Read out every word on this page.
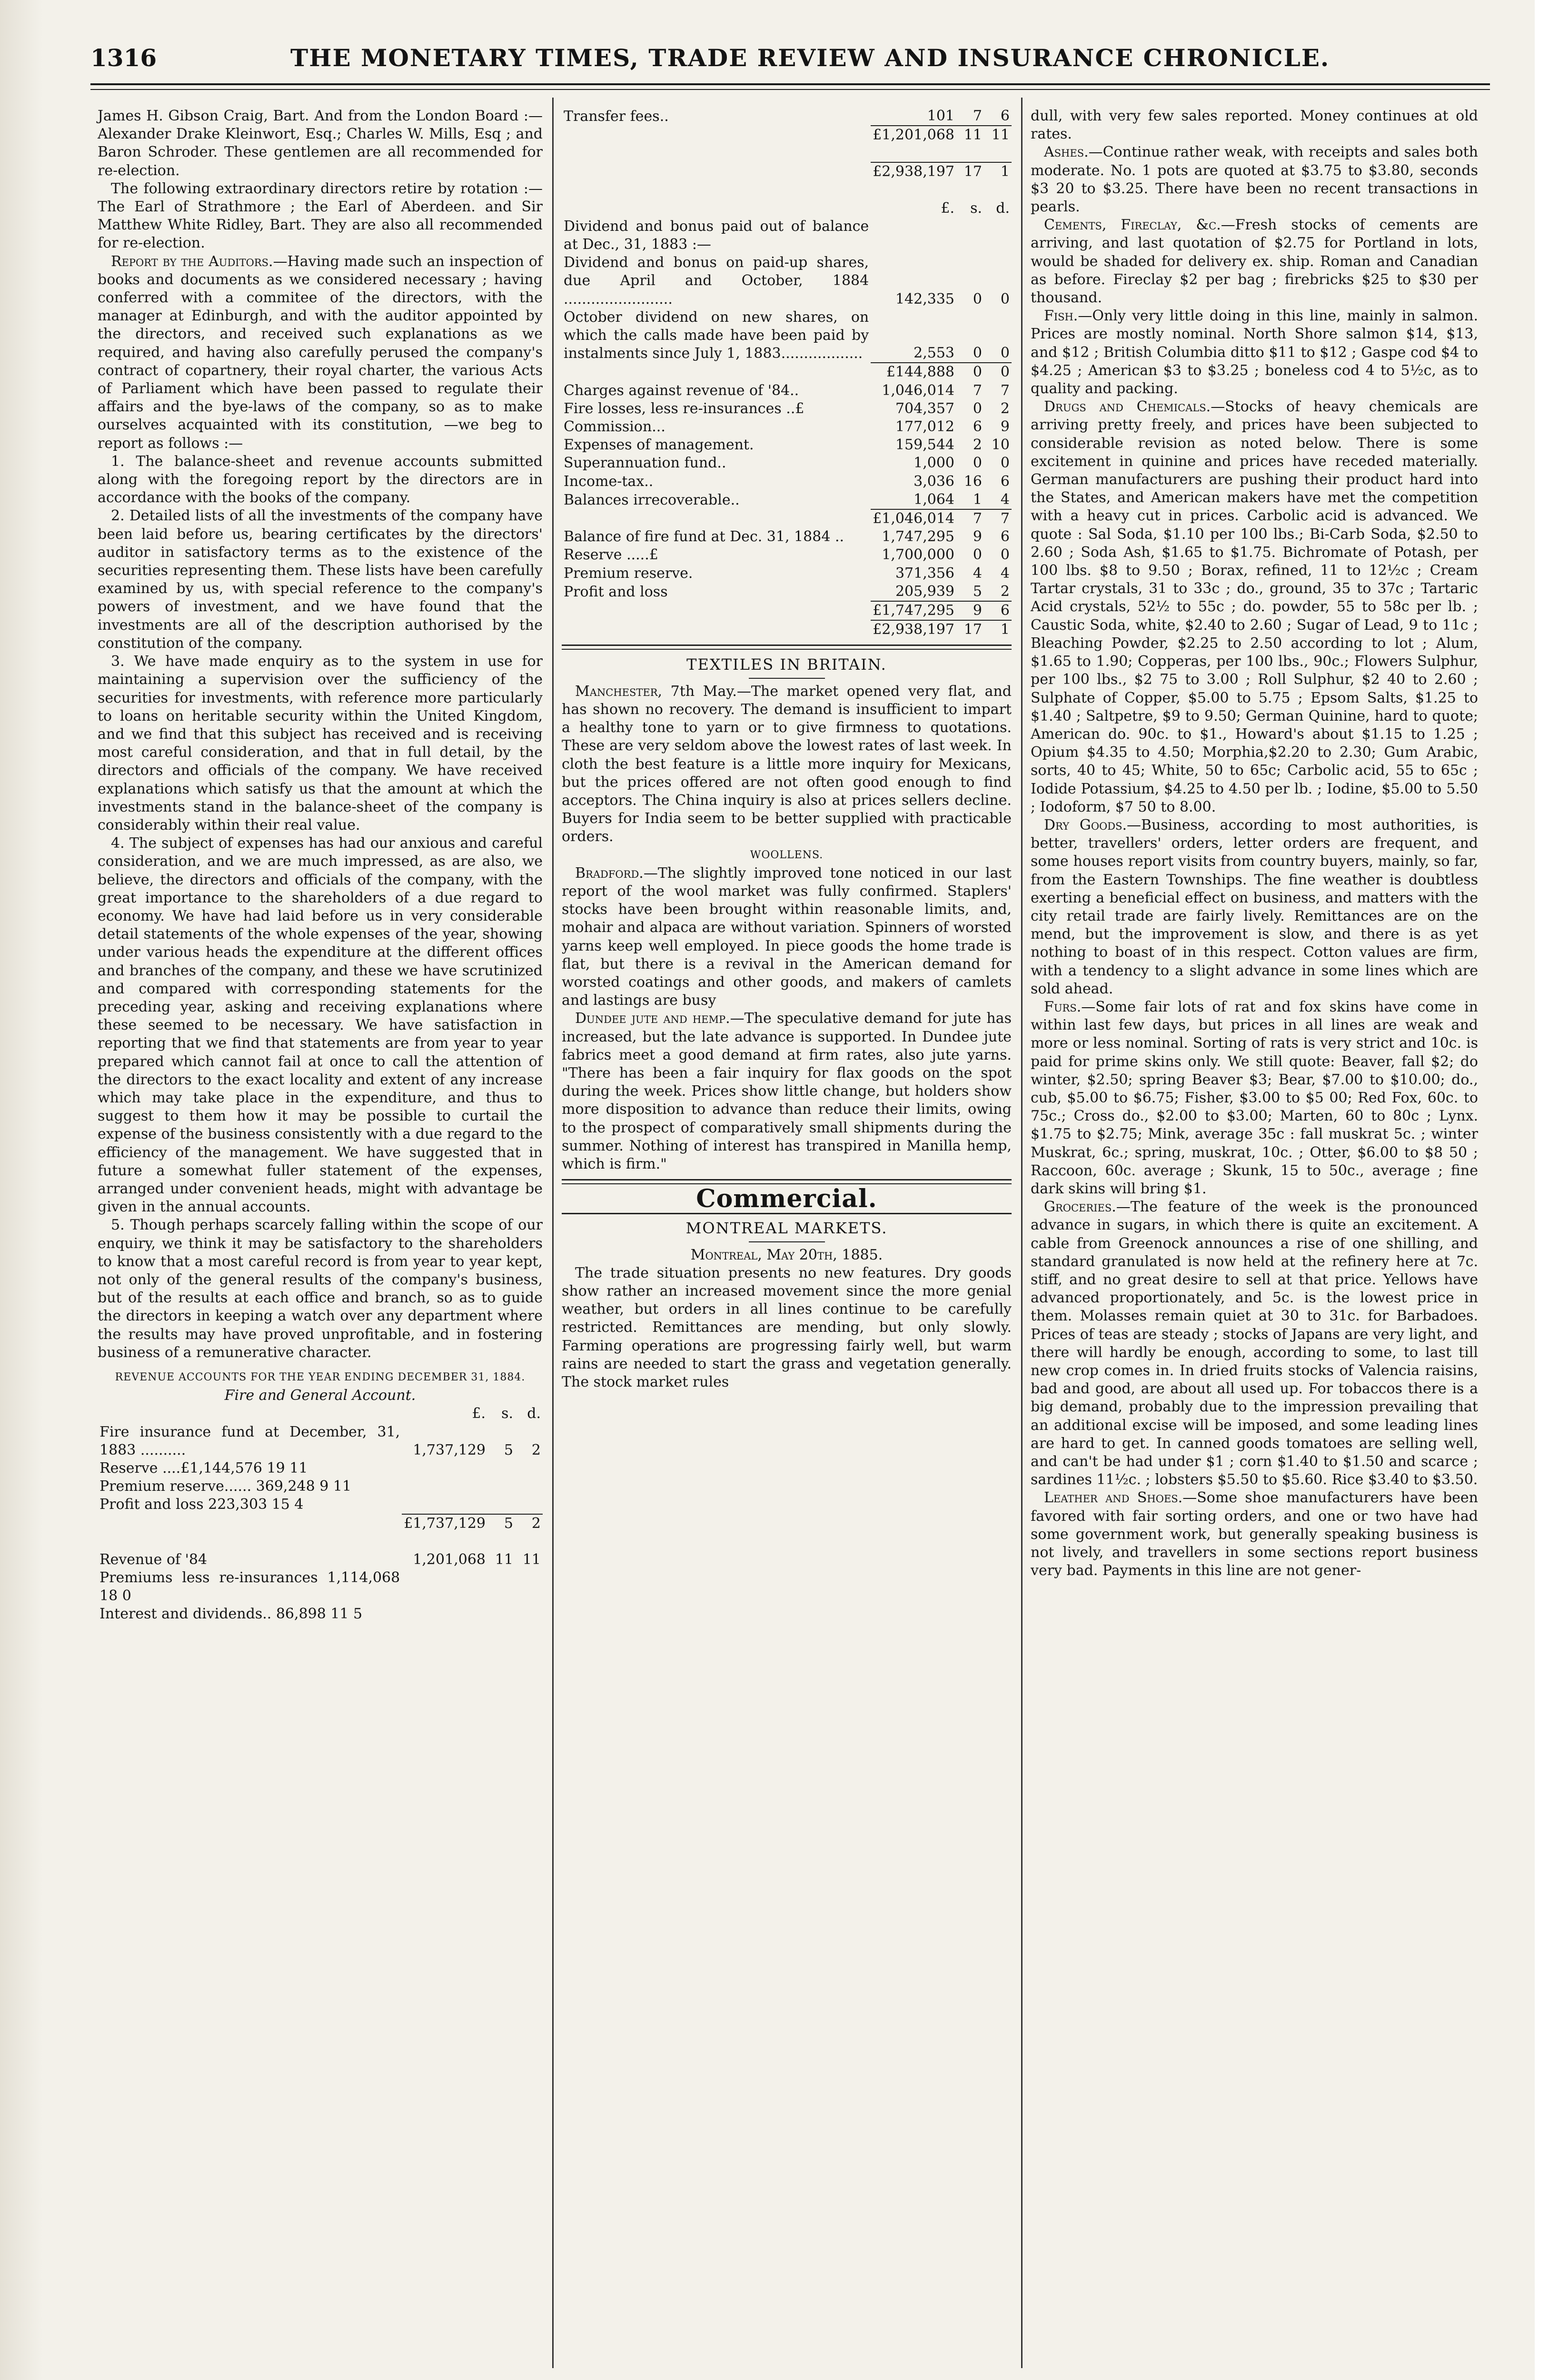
1316	THE MONETARY TIMES, TRADE REVIEW AND INSURANCE CHRONICLE.

James H. Gibson Craig, Bart. And from the London Board :—Alexander Drake Kleinwort, Esq.; Charles W. Mills, Esq ; and Baron Schroder. These gentlemen are all recommended for re-election.

The following extraordinary directors retire by rotation :—The Earl of Strathmore ; the Earl of Aberdeen. and Sir Matthew White Ridley, Bart. They are also all recommended for re-election.

Report by the Auditors.—Having made such an inspection of books and documents as we considered necessary ; having conferred with a commitee of the directors, with the manager at Edinburgh, and with the auditor appointed by the directors, and received such explanations as we required, and having also carefully perused the company's contract of copartnery, their royal charter, the various Acts of Parliament which have been passed to regulate their affairs and the bye-laws of the company, so as to make ourselves acquainted with its constitution, —we beg to report as follows :—

1. The balance-sheet and revenue accounts submitted along with the foregoing report by the directors are in accordance with the books of the company.

2. Detailed lists of all the investments of the company have been laid before us, bearing certificates by the directors' auditor in satisfactory terms as to the existence of the securities representing them. These lists have been carefully examined by us, with special reference to the company's powers of investment, and we have found that the investments are all of the description authorised by the constitution of the company.

3. We have made enquiry as to the system in use for maintaining a supervision over the sufficiency of the securities for investments, with reference more particularly to loans on heritable security within the United Kingdom, and we find that this subject has received and is receiving most careful consideration, and that in full detail, by the directors and officials of the company. We have received explanations which satisfy us that the amount at which the investments stand in the balance-sheet of the company is considerably within their real value.

4. The subject of expenses has had our anxious and careful consideration, and we are much impressed, as are also, we believe, the directors and officials of the company, with the great importance to the shareholders of a due regard to economy. We have had laid before us in very considerable detail statements of the whole expenses of the year, showing under various heads the expenditure at the different offices and branches of the company, and these we have scrutinized and compared with corresponding statements for the preceding year, asking and receiving explanations where these seemed to be necessary. We have satisfaction in reporting that we find that statements are from year to year prepared which cannot fail at once to call the attention of the directors to the exact locality and extent of any increase which may take place in the expenditure, and thus to suggest to them how it may be possible to curtail the expense of the business consistently with a due regard to the efficiency of the management. We have suggested that in future a somewhat fuller statement of the expenses, arranged under convenient heads, might with advantage be given in the annual accounts.

5. Though perhaps scarcely falling within the scope of our enquiry, we think it may be satisfactory to the shareholders to know that a most careful record is from year to year kept, not only of the general results of the company's business, but of the results at each office and branch, so as to guide the directors in keeping a watch over any department where the results may have proved unprofitable, and in fostering business of a remunerative character.

REVENUE ACCOUNTS FOR THE YEAR ENDING DECEMBER 31, 1884.
Fire and General Account.
	£.	s.	d.
Fire insurance fund at December, 31, 1883 ..........	1,737,129	5	2
Reserve ....£1,144,576 19 11			
Premium reserve...... 369,248 9 11			
Profit and loss 223,303 15 4			
	£1,737,129	5	2

Revenue of '84	1,201,068	11	11
Premiums less re-insurances 1,114,068 18 0			
Interest and dividends.. 86,898 11 5			
Transfer fees..	101	7	6
	£1,201,068	11	11

	£2,938,197	17	1

	£.	s.	d.
Dividend and bonus paid out of balance at Dec., 31, 1883 :—			
Dividend and bonus on paid-up shares, due April and October, 1884 ........................	142,335	0	0
October dividend on new shares, on which the calls made have been paid by instalments since July 1, 1883..................	2,553	0	0
	£144,888	0	0
Charges against revenue of '84..	1,046,014	7	7
Fire losses, less re-insurances ..£	704,357	0	2
Commission...	177,012	6	9
Expenses of management.	159,544	2	10
Superannuation fund..	1,000	0	0
Income-tax..	3,036	16	6
Balances irrecoverable..	1,064	1	4
	£1,046,014	7	7
Balance of fire fund at Dec. 31, 1884 ..	1,747,295	9	6
Reserve .....£	1,700,000	0	0
Premium reserve.	371,356	4	4
Profit and loss	205,939	5	2
	£1,747,295	9	6
	£2,938,197	17	1
TEXTILES IN BRITAIN.

Manchester, 7th May.—The market opened very flat, and has shown no recovery. The demand is insufficient to impart a healthy tone to yarn or to give firmness to quotations. These are very seldom above the lowest rates of last week. In cloth the best feature is a little more inquiry for Mexicans, but the prices offered are not often good enough to find acceptors. The China inquiry is also at prices sellers decline. Buyers for India seem to be better supplied with practicable orders.

WOOLLENS.

Bradford.—The slightly improved tone noticed in our last report of the wool market was fully confirmed. Staplers' stocks have been brought within reasonable limits, and, mohair and alpaca are without variation. Spinners of worsted yarns keep well employed. In piece goods the home trade is flat, but there is a revival in the American demand for worsted coatings and other goods, and makers of camlets and lastings are busy

Dundee jute and hemp.—The speculative demand for jute has increased, but the late advance is supported. In Dundee jute fabrics meet a good demand at firm rates, also jute yarns. "There has been a fair inquiry for flax goods on the spot during the week. Prices show little change, but holders show more disposition to advance than reduce their limits, owing to the prospect of comparatively small shipments during the summer. Nothing of interest has transpired in Manilla hemp, which is firm."

Commercial.
MONTREAL MARKETS.
Montreal, May 20th, 1885.

The trade situation presents no new features. Dry goods show rather an increased movement since the more genial weather, but orders in all lines continue to be carefully restricted. Remittances are mending, but only slowly. Farming operations are progressing fairly well, but warm rains are needed to start the grass and vegetation generally. The stock market rules

dull, with very few sales reported. Money continues at old rates.

Ashes.—Continue rather weak, with receipts and sales both moderate. No. 1 pots are quoted at $3.75 to $3.80, seconds $3 20 to $3.25. There have been no recent transactions in pearls.

Cements, Fireclay, &c.—Fresh stocks of cements are arriving, and last quotation of $2.75 for Portland in lots, would be shaded for delivery ex. ship. Roman and Canadian as before. Fireclay $2 per bag ; firebricks $25 to $30 per thousand.

Fish.—Only very little doing in this line, mainly in salmon. Prices are mostly nominal. North Shore salmon $14, $13, and $12 ; British Columbia ditto $11 to $12 ; Gaspe cod $4 to $4.25 ; American $3 to $3.25 ; boneless cod 4 to 5½c, as to quality and packing.

Drugs and Chemicals.—Stocks of heavy chemicals are arriving pretty freely, and prices have been subjected to considerable revision as noted below. There is some excitement in quinine and prices have receded materially. German manufacturers are pushing their product hard into the States, and American makers have met the competition with a heavy cut in prices. Carbolic acid is advanced. We quote : Sal Soda, $1.10 per 100 lbs.; Bi-Carb Soda, $2.50 to 2.60 ; Soda Ash, $1.65 to $1.75. Bichromate of Potash, per 100 lbs. $8 to 9.50 ; Borax, refined, 11 to 12½c ; Cream Tartar crystals, 31 to 33c ; do., ground, 35 to 37c ; Tartaric Acid crystals, 52½ to 55c ; do. powder, 55 to 58c per lb. ; Caustic Soda, white, $2.40 to 2.60 ; Sugar of Lead, 9 to 11c ; Bleaching Powder, $2.25 to 2.50 according to lot ; Alum, $1.65 to 1.90; Copperas, per 100 lbs., 90c.; Flowers Sulphur, per 100 lbs., $2 75 to 3.00 ; Roll Sulphur, $2 40 to 2.60 ; Sulphate of Copper, $5.00 to 5.75 ; Epsom Salts, $1.25 to $1.40 ; Saltpetre, $9 to 9.50; German Quinine, hard to quote; American do. 90c. to $1., Howard's about $1.15 to 1.25 ; Opium $4.35 to 4.50; Morphia,$2.20 to 2.30; Gum Arabic, sorts, 40 to 45; White, 50 to 65c; Carbolic acid, 55 to 65c ; Iodide Potassium, $4.25 to 4.50 per lb. ; Iodine, $5.00 to 5.50 ; Iodoform, $7 50 to 8.00.

Dry Goods.—Business, according to most authorities, is better, travellers' orders, letter orders are frequent, and some houses report visits from country buyers, mainly, so far, from the Eastern Townships. The fine weather is doubtless exerting a beneficial effect on business, and matters with the city retail trade are fairly lively. Remittances are on the mend, but the improvement is slow, and there is as yet nothing to boast of in this respect. Cotton values are firm, with a tendency to a slight advance in some lines which are sold ahead.

Furs.—Some fair lots of rat and fox skins have come in within last few days, but prices in all lines are weak and more or less nominal. Sorting of rats is very strict and 10c. is paid for prime skins only. We still quote: Beaver, fall $2; do winter, $2.50; spring Beaver $3; Bear, $7.00 to $10.00; do., cub, $5.00 to $6.75; Fisher, $3.00 to $5 00; Red Fox, 60c. to 75c.; Cross do., $2.00 to $3.00; Marten, 60 to 80c ; Lynx. $1.75 to $2.75; Mink, average 35c : fall muskrat 5c. ; winter Muskrat, 6c.; spring, muskrat, 10c. ; Otter, $6.00 to $8 50 ; Raccoon, 60c. average ; Skunk, 15 to 50c., average ; fine dark skins will bring $1.

Groceries.—The feature of the week is the pronounced advance in sugars, in which there is quite an excitement. A cable from Greenock announces a rise of one shilling, and standard granulated is now held at the refinery here at 7c. stiff, and no great desire to sell at that price. Yellows have advanced proportionately, and 5c. is the lowest price in them. Molasses remain quiet at 30 to 31c. for Barbadoes. Prices of teas are steady ; stocks of Japans are very light, and there will hardly be enough, according to some, to last till new crop comes in. In dried fruits stocks of Valencia raisins, bad and good, are about all used up. For tobaccos there is a big demand, probably due to the impression prevailing that an additional excise will be imposed, and some leading lines are hard to get. In canned goods tomatoes are selling well, and can't be had under $1 ; corn $1.40 to $1.50 and scarce ; sardines 11½c. ; lobsters $5.50 to $5.60. Rice $3.40 to $3.50.

Leather and Shoes.—Some shoe manufacturers have been favored with fair sorting orders, and one or two have had some government work, but generally speaking business is not lively, and travellers in some sections report business very bad. Payments in this line are not gener-
